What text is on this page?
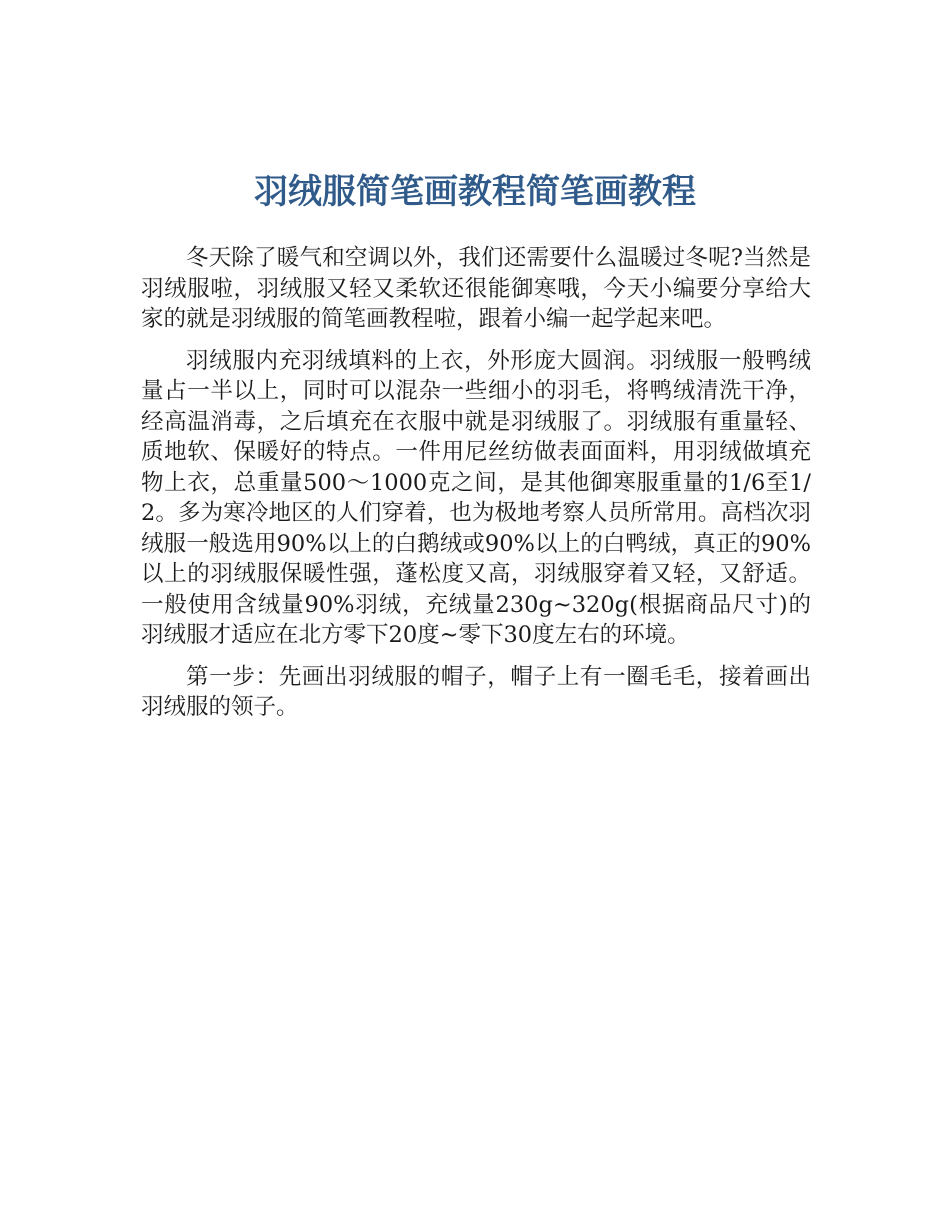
羽绒服简笔画教程简笔画教程

冬天除了暖气和空调以外，我们还需要什么温暖过冬呢?当然是羽绒服啦，羽绒服又轻又柔软还很能御寒哦，今天小编要分享给大家的就是羽绒服的简笔画教程啦，跟着小编一起学起来吧。

羽绒服内充羽绒填料的上衣，外形庞大圆润。羽绒服一般鸭绒量占一半以上，同时可以混杂一些细小的羽毛，将鸭绒清洗干净，经高温消毒，之后填充在衣服中就是羽绒服了。羽绒服有重量轻、质地软、保暖好的特点。一件用尼丝纺做表面面料，用羽绒做填充物上衣，总重量500～1000克之间，是其他御寒服重量的1/6至1/2。多为寒冷地区的人们穿着，也为极地考察人员所常用。高档次羽绒服一般选用90%以上的白鹅绒或90%以上的白鸭绒，真正的90%以上的羽绒服保暖性强，蓬松度又高，羽绒服穿着又轻，又舒适。一般使用含绒量90%羽绒，充绒量230g~320g(根据商品尺寸)的羽绒服才适应在北方零下20度~零下30度左右的环境。

第一步：先画出羽绒服的帽子，帽子上有一圈毛毛，接着画出羽绒服的领子。
